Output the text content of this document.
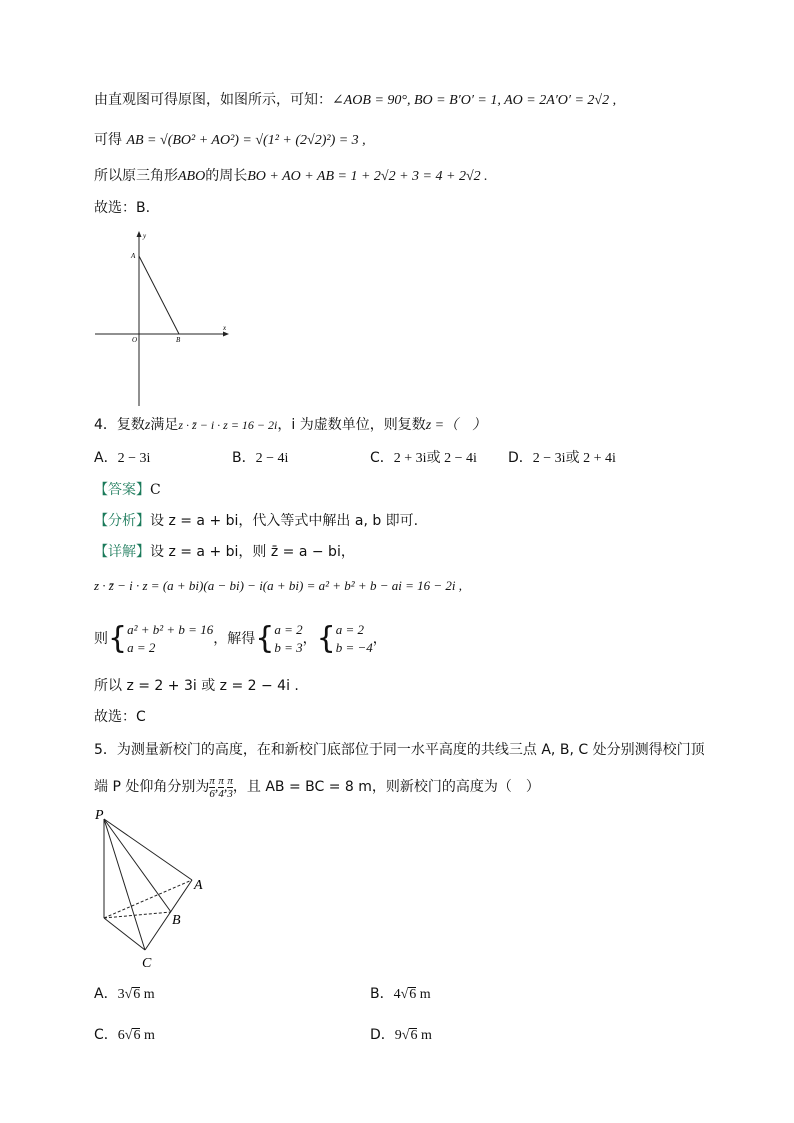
由直观图可得原图，如图所示，可知：∠AOB = 90°, BO = B′O′ = 1, AO = 2A′O′ = 2√2 ,
可得 AB = √(BO² + AO²) = √(1² + (2√2)²) = 3 ,
所以原三角形ABO的周长BO + AO + AB = 1 + 2√2 + 3 = 4 + 2√2 .
故选：B.
y
x
A
O	B
4．复数z满足z · z̄ − i · z = 16 − 2i，i 为虚数单位，则复数z =（　）
A．2 − 3i	B．2 − 4i	C．2 + 3i或 2 − 4i D．2 − 3i或 2 + 4i
【答案】C
【分析】设 z = a + bi，代入等式中解出 a, b 即可.
【详解】设 z = a + bi，则 z̄ = a − bi，
z · z̄ − i · z = (a + bi)(a − bi) − i(a + bi) = a² + b² + b − ai = 16 − 2i ,
则{ a² + b² + b = 16
a = 2
，解得{ a = 2
b = 3
，{ a = 2
b = −4
，
所以 z = 2 + 3i 或 z = 2 − 4i .
故选：C
5．为测量新校门的高度，在和新校门底部位于同一水平高度的共线三点 A, B, C 处分别测得校门顶
端 P 处仰角分别为 $\frac{\pi}{6}$ , $\frac{\pi}{4}$ , $\frac{\pi}{3}$ ，且 AB = BC = 8 m，则新校门的高度为（　）
P
A
B
C
A．3√6 m	B．4√6 m
C．6√6 m	D．9√6 m
